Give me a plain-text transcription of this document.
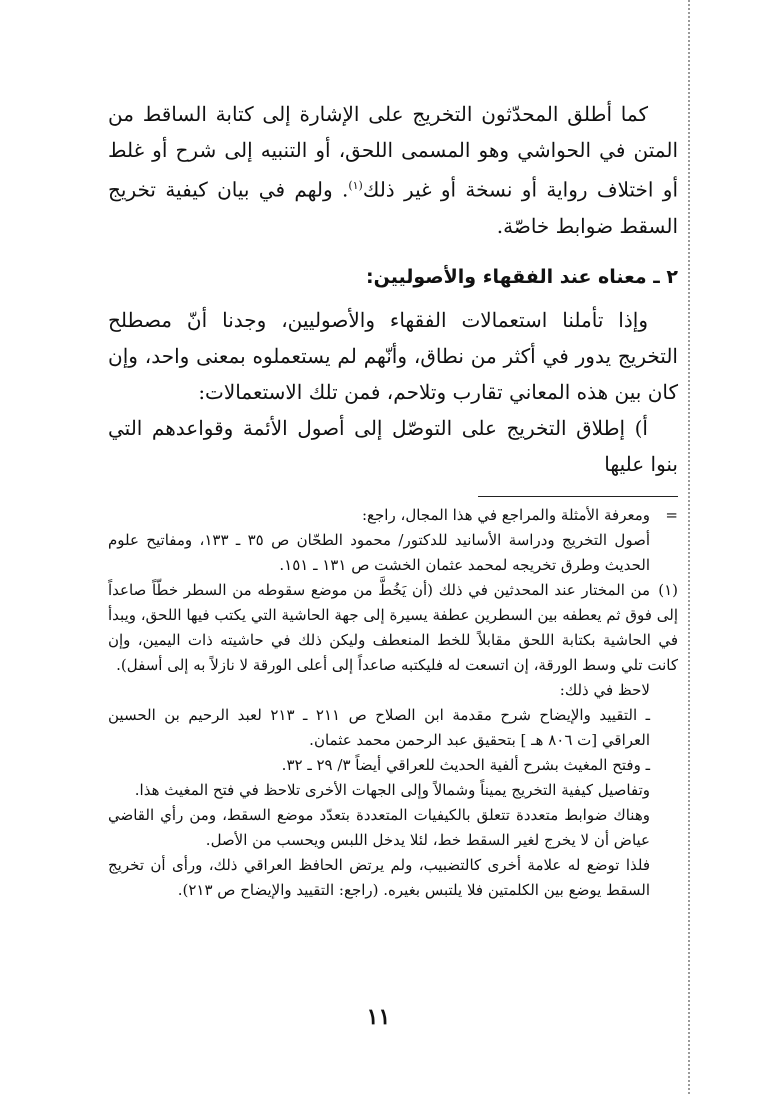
كما أطلق المحدّثون التخريج على الإشارة إلى كتابة الساقط من المتن في الحواشي وهو المسمى اللحق، أو التنبيه إلى شرح أو غلط أو اختلاف رواية أو نسخة أو غير ذلك$^{(١)}$. ولهم في بيان كيفية تخريج السقط ضوابط خاصّة.

٢ ـ معناه عند الفقهاء والأصوليين:

وإذا تأملنا استعمالات الفقهاء والأصوليين، وجدنا أنّ مصطلح التخريج يدور في أكثر من نطاق، وأنّهم لم يستعملوه بمعنى واحد، وإن كان بين هذه المعاني تقارب وتلاحم، فمن تلك الاستعمالات:

أ) إطلاق التخريج على التوصّل إلى أصول الأئمة وقواعدهم التي بنوا عليها

=ومعرفة الأمثلة والمراجع في هذا المجال، راجع:

أصول التخريج ودراسة الأسانيد للدكتور/ محمود الطحّان ص ٣٥ ـ ١٣٣، ومفاتيح علوم الحديث وطرق تخريجه لمحمد عثمان الخشت ص ١٣١ ـ ١٥١.

(١)من المختار عند المحدثين في ذلك (أن يَخُطَّ من موضع سقوطه من السطر خطّاً صاعداً إلى فوق ثم يعطفه بين السطرين عطفة يسيرة إلى جهة الحاشية التي يكتب فيها اللحق، ويبدأ في الحاشية بكتابة اللحق مقابلاً للخط المنعطف وليكن ذلك في حاشيته ذات اليمين، وإن كانت تلي وسط الورقة، إن اتسعت له فليكتبه صاعداً إلى أعلى الورقة لا نازلاً به إلى أسفل).

لاحظ في ذلك:

ـ التقييد والإيضاح شرح مقدمة ابن الصلاح ص ٢١١ ـ ٢١٣ لعبد الرحيم بن الحسين العراقي [ت ٨٠٦ هـ ] بتحقيق عبد الرحمن محمد عثمان.

ـ وفتح المغيث بشرح ألفية الحديث للعراقي أيضاً ٣/ ٢٩ ـ ٣٢.

وتفاصيل كيفية التخريج يميناً وشمالاً وإلى الجهات الأخرى تلاحظ في فتح المغيث هذا.

وهناك ضوابط متعددة تتعلق بالكيفيات المتعددة بتعدّد موضع السقط، ومن رأي القاضي عياض أن لا يخرج لغير السقط خط، لئلا يدخل اللبس ويحسب من الأصل.

فلذا توضع له علامة أخرى كالتضبيب، ولم يرتض الحافظ العراقي ذلك، ورأى أن تخريج السقط يوضع بين الكلمتين فلا يلتبس بغيره. (راجع: التقييد والإيضاح ص ٢١٣).

١١
